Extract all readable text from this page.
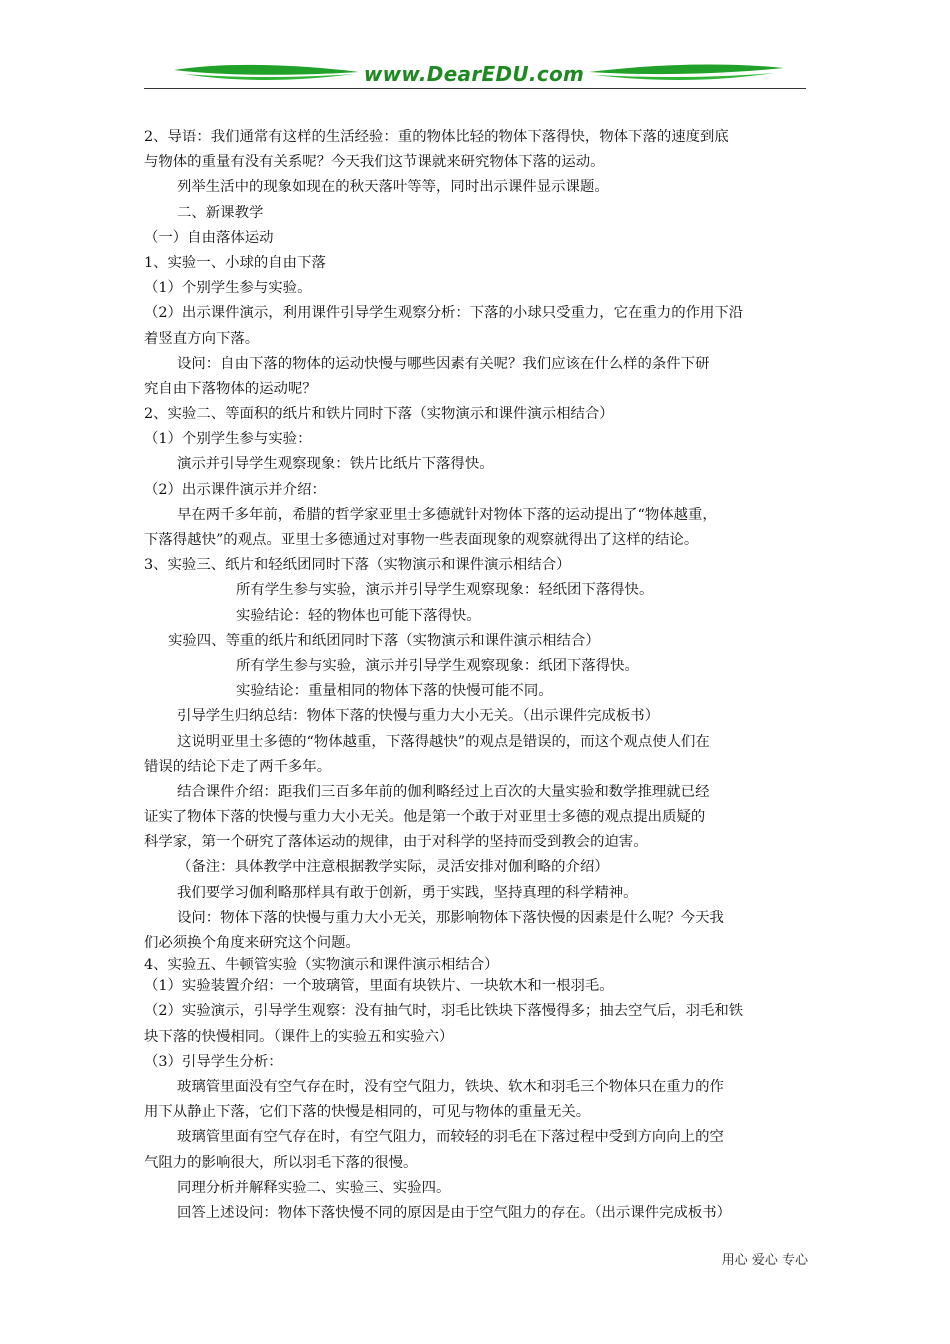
www.DearEDU.com
2、导语：我们通常有这样的生活经验：重的物体比轻的物体下落得快，物体下落的速度到底
与物体的重量有没有关系呢？今天我们这节课就来研究物体下落的运动。
列举生活中的现象如现在的秋天落叶等等，同时出示课件显示课题。
二、新课教学
（一）自由落体运动
1、实验一、小球的自由下落
（1）个别学生参与实验。
（2）出示课件演示，利用课件引导学生观察分析：下落的小球只受重力，它在重力的作用下沿
着竖直方向下落。
设问：自由下落的物体的运动快慢与哪些因素有关呢？我们应该在什么样的条件下研
究自由下落物体的运动呢？
2、实验二、等面积的纸片和铁片同时下落（实物演示和课件演示相结合）
（1）个别学生参与实验：
演示并引导学生观察现象：铁片比纸片下落得快。
（2）出示课件演示并介绍：
早在两千多年前，希腊的哲学家亚里士多德就针对物体下落的运动提出了“物体越重，
下落得越快”的观点。亚里士多德通过对事物一些表面现象的观察就得出了这样的结论。
3、实验三、纸片和轻纸团同时下落（实物演示和课件演示相结合）
所有学生参与实验，演示并引导学生观察现象：轻纸团下落得快。
实验结论：轻的物体也可能下落得快。
实验四、等重的纸片和纸团同时下落（实物演示和课件演示相结合）
所有学生参与实验，演示并引导学生观察现象：纸团下落得快。
实验结论：重量相同的物体下落的快慢可能不同。
引导学生归纳总结：物体下落的快慢与重力大小无关。（出示课件完成板书）
这说明亚里士多德的“物体越重，下落得越快”的观点是错误的，而这个观点使人们在
错误的结论下走了两千多年。
结合课件介绍：距我们三百多年前的伽利略经过上百次的大量实验和数学推理就已经
证实了物体下落的快慢与重力大小无关。他是第一个敢于对亚里士多德的观点提出质疑的
科学家，第一个研究了落体运动的规律，由于对科学的坚持而受到教会的迫害。
（备注：具体教学中注意根据教学实际，灵活安排对伽利略的介绍）
我们要学习伽利略那样具有敢于创新，勇于实践，坚持真理的科学精神。
设问：物体下落的快慢与重力大小无关，那影响物体下落快慢的因素是什么呢？今天我
们必须换个角度来研究这个问题。
4、实验五、牛顿管实验（实物演示和课件演示相结合）
（1）实验装置介绍：一个玻璃管，里面有块铁片、一块软木和一根羽毛。
（2）实验演示，引导学生观察：没有抽气时，羽毛比铁块下落慢得多；抽去空气后，羽毛和铁
块下落的快慢相同。（课件上的实验五和实验六）
（3）引导学生分析：
玻璃管里面没有空气存在时，没有空气阻力，铁块、软木和羽毛三个物体只在重力的作
用下从静止下落，它们下落的快慢是相同的，可见与物体的重量无关。
玻璃管里面有空气存在时，有空气阻力，而较轻的羽毛在下落过程中受到方向向上的空
气阻力的影响很大，所以羽毛下落的很慢。
同理分析并解释实验二、实验三、实验四。
回答上述设问：物体下落快慢不同的原因是由于空气阻力的存在。（出示课件完成板书）
用心 爱心 专心
